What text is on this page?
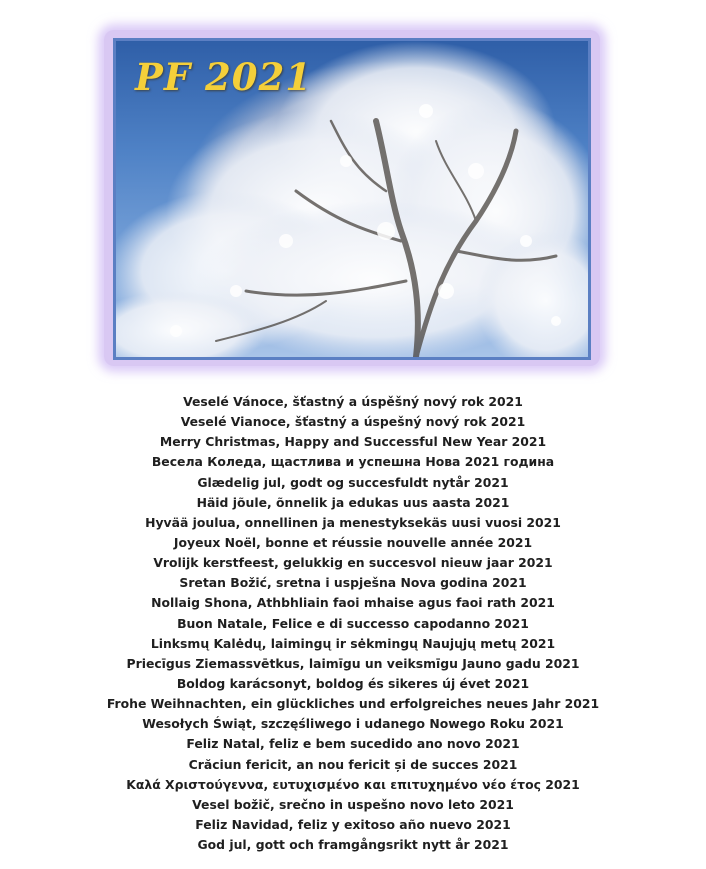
PF 2021
Veselé Vánoce, šťastný a úspěšný nový rok 2021
Veselé Vianoce, šťastný a úspešný nový rok 2021
Merry Christmas, Happy and Successful New Year 2021
Весела Коледа, щастлива и успешна Нова 2021 година
Glædelig jul, godt og succesfuldt nytår 2021
Häid jõule, õnnelik ja edukas uus aasta 2021
Hyvää joulua, onnellinen ja menestyksekäs uusi vuosi 2021
Joyeux Noël, bonne et réussie nouvelle année 2021
Vrolijk kerstfeest, gelukkig en succesvol nieuw jaar 2021
Sretan Božić, sretna i uspješna Nova godina 2021
Nollaig Shona, Athbhliain faoi mhaise agus faoi rath 2021
Buon Natale, Felice e di successo capodanno 2021
Linksmų Kalėdų, laimingų ir sėkmingų Naujųjų metų 2021
Priecīgus Ziemassvētkus, laimīgu un veiksmīgu Jauno gadu 2021
Boldog karácsonyt, boldog és sikeres új évet 2021
Frohe Weihnachten, ein glückliches und erfolgreiches neues Jahr 2021
Wesołych Świąt, szczęśliwego i udanego Nowego Roku 2021
Feliz Natal, feliz e bem sucedido ano novo 2021
Crăciun fericit, an nou fericit și de succes 2021
Καλά Χριστούγεννα, ευτυχισμένο και επιτυχημένο νέο έτος 2021
Vesel božič, srečno in uspešno novo leto 2021
Feliz Navidad, feliz y exitoso año nuevo 2021
God jul, gott och framgångsrikt nytt år 2021
